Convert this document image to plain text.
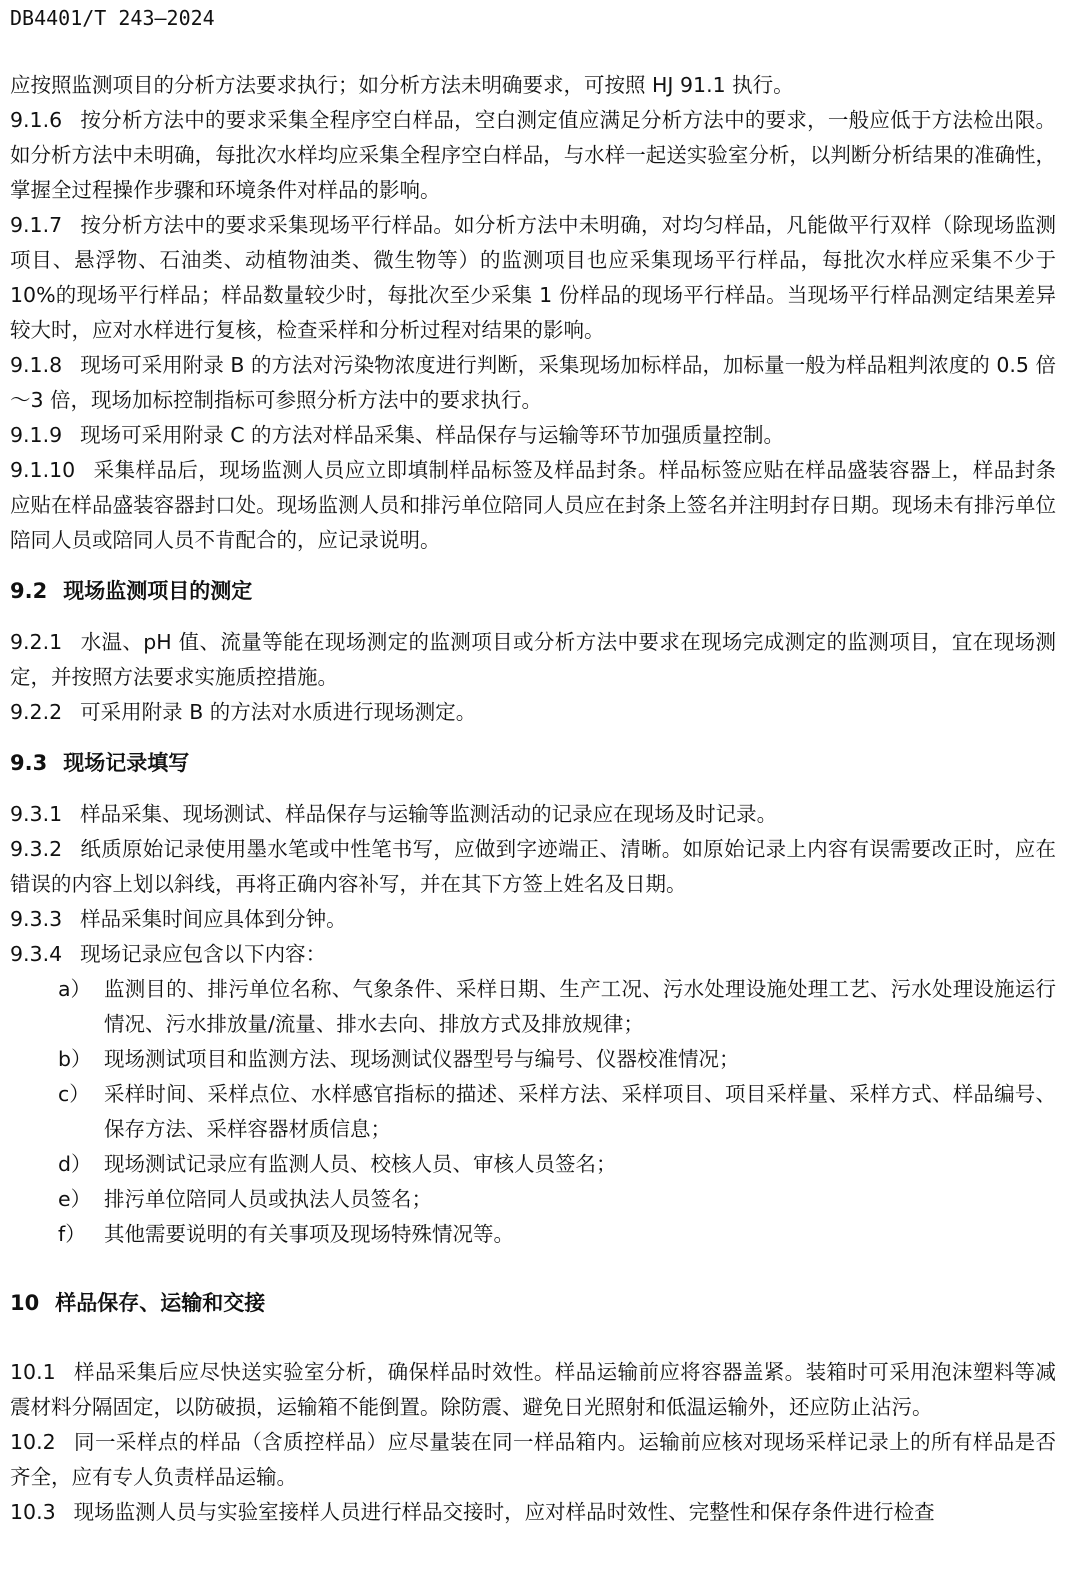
DB4401/T 243—2024

应按照监测项目的分析方法要求执行；如分析方法未明确要求，可按照 HJ 91.1 执行。

9.1.6 按分析方法中的要求采集全程序空白样品，空白测定值应满足分析方法中的要求，一般应低于方法检出限。如分析方法中未明确，每批次水样均应采集全程序空白样品，与水样一起送实验室分析，以判断分析结果的准确性，掌握全过程操作步骤和环境条件对样品的影响。

9.1.7 按分析方法中的要求采集现场平行样品。如分析方法中未明确，对均匀样品，凡能做平行双样（除现场监测项目、悬浮物、石油类、动植物油类、微生物等）的监测项目也应采集现场平行样品，每批次水样应采集不少于 10%的现场平行样品；样品数量较少时，每批次至少采集 1 份样品的现场平行样品。当现场平行样品测定结果差异较大时，应对水样进行复核，检查采样和分析过程对结果的影响。

9.1.8 现场可采用附录 B 的方法对污染物浓度进行判断，采集现场加标样品，加标量一般为样品粗判浓度的 0.5 倍～3 倍，现场加标控制指标可参照分析方法中的要求执行。

9.1.9 现场可采用附录 C 的方法对样品采集、样品保存与运输等环节加强质量控制。

9.1.10 采集样品后，现场监测人员应立即填制样品标签及样品封条。样品标签应贴在样品盛装容器上，样品封条应贴在样品盛装容器封口处。现场监测人员和排污单位陪同人员应在封条上签名并注明封存日期。现场未有排污单位陪同人员或陪同人员不肯配合的，应记录说明。

9.2 现场监测项目的测定

9.2.1 水温、pH 值、流量等能在现场测定的监测项目或分析方法中要求在现场完成测定的监测项目，宜在现场测定，并按照方法要求实施质控措施。

9.2.2 可采用附录 B 的方法对水质进行现场测定。

9.3 现场记录填写

9.3.1 样品采集、现场测试、样品保存与运输等监测活动的记录应在现场及时记录。

9.3.2 纸质原始记录使用墨水笔或中性笔书写，应做到字迹端正、清晰。如原始记录上内容有误需要改正时，应在错误的内容上划以斜线，再将正确内容补写，并在其下方签上姓名及日期。

9.3.3 样品采集时间应具体到分钟。

9.3.4 现场记录应包含以下内容：

a） 监测目的、排污单位名称、气象条件、采样日期、生产工况、污水处理设施处理工艺、污水处理设施运行情况、污水排放量/流量、排水去向、排放方式及排放规律；
b） 现场测试项目和监测方法、现场测试仪器型号与编号、仪器校准情况；
c） 采样时间、采样点位、水样感官指标的描述、采样方法、采样项目、项目采样量、采样方式、样品编号、保存方法、采样容器材质信息；
d） 现场测试记录应有监测人员、校核人员、审核人员签名；
e） 排污单位陪同人员或执法人员签名；
f） 其他需要说明的有关事项及现场特殊情况等。
10 样品保存、运输和交接

10.1 样品采集后应尽快送实验室分析，确保样品时效性。样品运输前应将容器盖紧。装箱时可采用泡沫塑料等减震材料分隔固定，以防破损，运输箱不能倒置。除防震、避免日光照射和低温运输外，还应防止沾污。

10.2 同一采样点的样品（含质控样品）应尽量装在同一样品箱内。运输前应核对现场采样记录上的所有样品是否齐全，应有专人负责样品运输。

10.3 现场监测人员与实验室接样人员进行样品交接时，应对样品时效性、完整性和保存条件进行检查
